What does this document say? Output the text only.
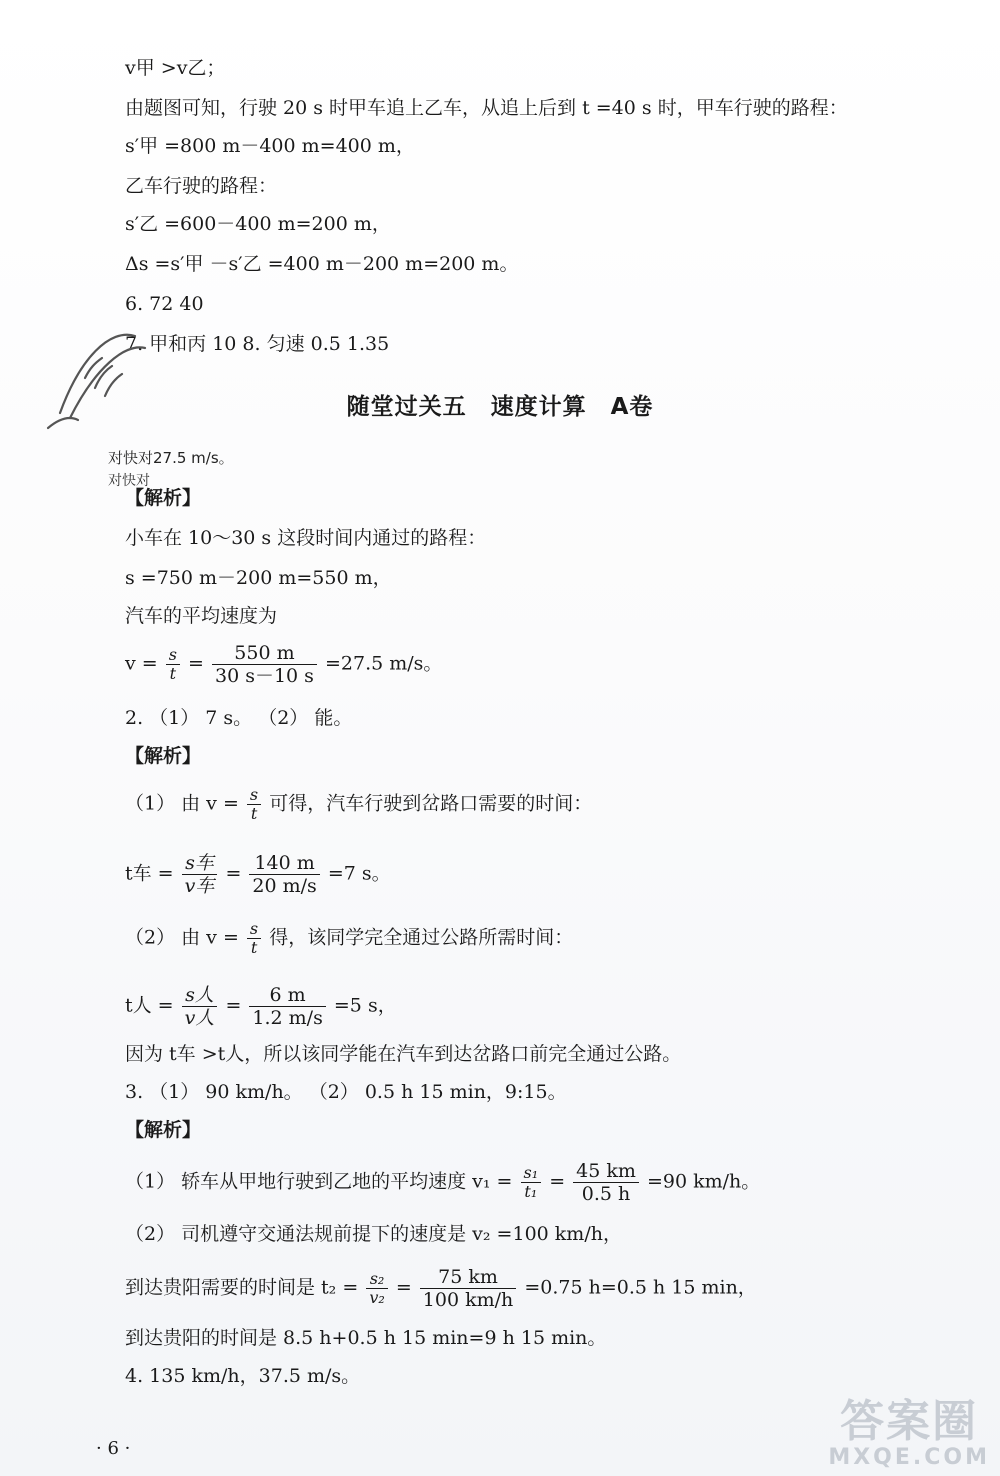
v甲 >v乙；
由题图可知，行驶 20 s 时甲车追上乙车，从追上后到 t =40 s 时，甲车行驶的路程：
s′甲 =800 m－400 m=400 m，
乙车行驶的路程：
s′乙 =600－400 m=200 m，
Δs =s′甲 －s′乙 =400 m－200 m=200 m。
6. 72 40
7. 甲和丙 10 8. 匀速 0.5 1.35
随堂过关五　速度计算　A卷
对快对27.5 m/s。
对快对
【解析】
小车在 10～30 s 这段时间内通过的路程：
s =750 m－200 m=550 m，
汽车的平均速度为
$v = \frac{s}{t} = \frac{550 m}{30 s-10 s} =27.5$ m/s。
2. （1） 7 s。 （2） 能。
【解析】
（1） 由 $v = \frac{s}{t}$ 可得，汽车行驶到岔路口需要的时间：
t车 = $\frac{\text{s车}}{\text{v车}} = \frac{140 m}{20 m/s} =7$ s。
（2） 由 $v = \frac{s}{t}$ 得，该同学完全通过公路所需时间：
t人 = $\frac{\text{s人}}{\text{v人}} = \frac{6 m}{1.2 m/s} =5$ s，
因为 t车 >t人，所以该同学能在汽车到达岔路口前完全通过公路。
3. （1） 90 km/h。 （2） 0.5 h 15 min，9:15。
【解析】
（1） 轿车从甲地行驶到乙地的平均速度 $v_1 = \frac{\text{s₁}}{\text{t₁}} = \frac{45 km}{0.5 h} =90$ km/h。
（2） 司机遵守交通法规前提下的速度是 v₂ =100 km/h，
到达贵阳需要的时间是 $t_2 = \frac{\text{s₂}}{\text{v₂}} = \frac{75 km}{100 km/h} =0.75$ h=0.5 h 15 min，
到达贵阳的时间是 8.5 h+0.5 h 15 min=9 h 15 min。
4. 135 km/h，37.5 m/s。
· 6 ·
答案圈
MXQE.COM
